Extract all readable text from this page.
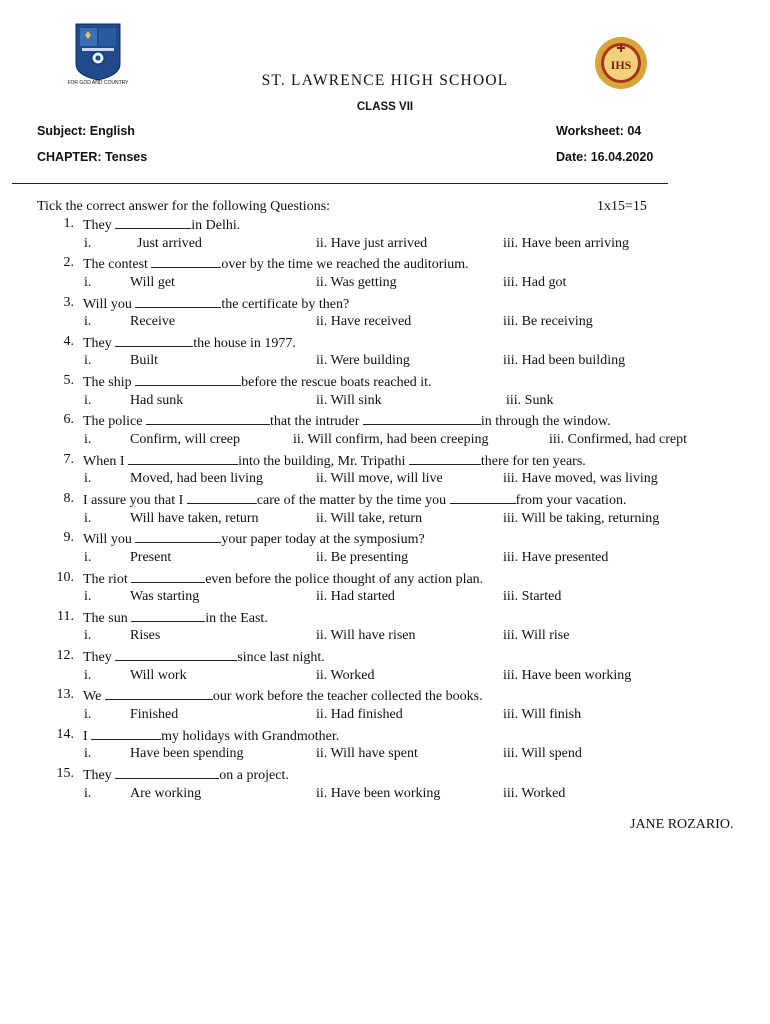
FOR GOD AND COUNTRY
IHS
ST. LAWRENCE HIGH SCHOOL
CLASS VII
Subject: English	Worksheet: 04
CHAPTER: Tenses	Date: 16.04.2020
Tick the correct answer for the following Questions:	1x15=15
1. They	in Delhi.
i.	Just arrived	ii. Have just arrived	iii. Have been arriving
2. The contest	over by the time we reached the auditorium.
i.	Will get	ii. Was getting	iii. Had got
3. Will you	the certificate by then?
i.	Receive	ii. Have received	iii. Be receiving
4. They	the house in 1977.
i.	Built	ii. Were building	iii. Had been building
5. The ship	before the rescue boats reached it.
i.	Had sunk	ii. Will sink	iii. Sunk
6. The police	that the intruder	in through the window.
i.	Confirm, will creep	ii. Will confirm, had been creeping	iii. Confirmed, had crept
7. When I	into the building, Mr. Tripathi	there for ten years.
i.	Moved, had been living	ii. Will move, will live	iii. Have moved, was living
8. I assure you that I	care of the matter by the time you	from your vacation.
i.	Will have taken, return	ii. Will take, return	iii. Will be taking, returning
9. Will you	your paper today at the symposium?
i.	Present	ii. Be presenting	iii. Have presented
10. The riot	even before the police thought of any action plan.
i.	Was starting	ii. Had started	iii. Started
11. The sun	in the East.
i.	Rises	ii. Will have risen	iii. Will rise
12. They	since last night.
i.	Will work	ii. Worked	iii. Have been working
13. We	our work before the teacher collected the books.
i.	Finished	ii. Had finished	iii. Will finish
14. I	my holidays with Grandmother.
i.	Have been spending	ii. Will have spent	iii. Will spend
15. They	on a project.
i.	Are working	ii. Have been working	iii. Worked
JANE ROZARIO.
